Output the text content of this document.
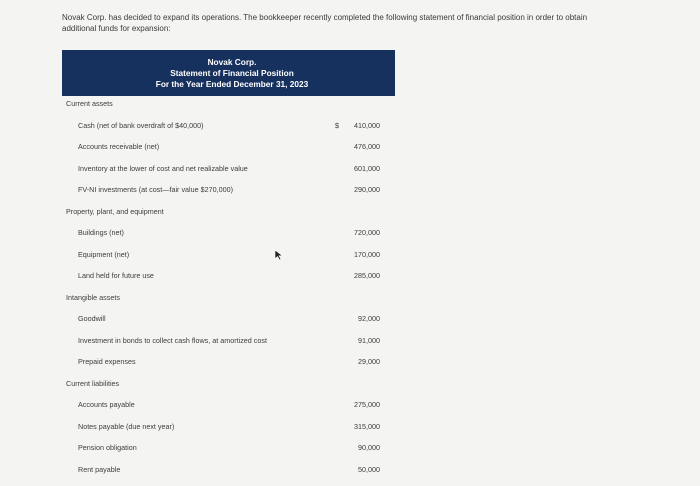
Novak Corp. has decided to expand its operations. The bookkeeper recently completed the following statement of financial position in order to obtain additional funds for expansion:
Novak Corp.
Statement of Financial Position
For the Year Ended December 31, 2023
Current assets
Cash (net of bank overdraft of $40,000)	$	410,000
Accounts receivable (net)	476,000
Inventory at the lower of cost and net realizable value	601,000
FV-NI investments (at cost—fair value $270,000)	290,000
Property, plant, and equipment
Buildings (net)	720,000
Equipment (net)	170,000
Land held for future use	285,000
Intangible assets
Goodwill	92,000
Investment in bonds to collect cash flows, at amortized cost	91,000
Prepaid expenses	29,000
Current liabilities
Accounts payable	275,000
Notes payable (due next year)	315,000
Pension obligation	90,000
Rent payable	50,000
